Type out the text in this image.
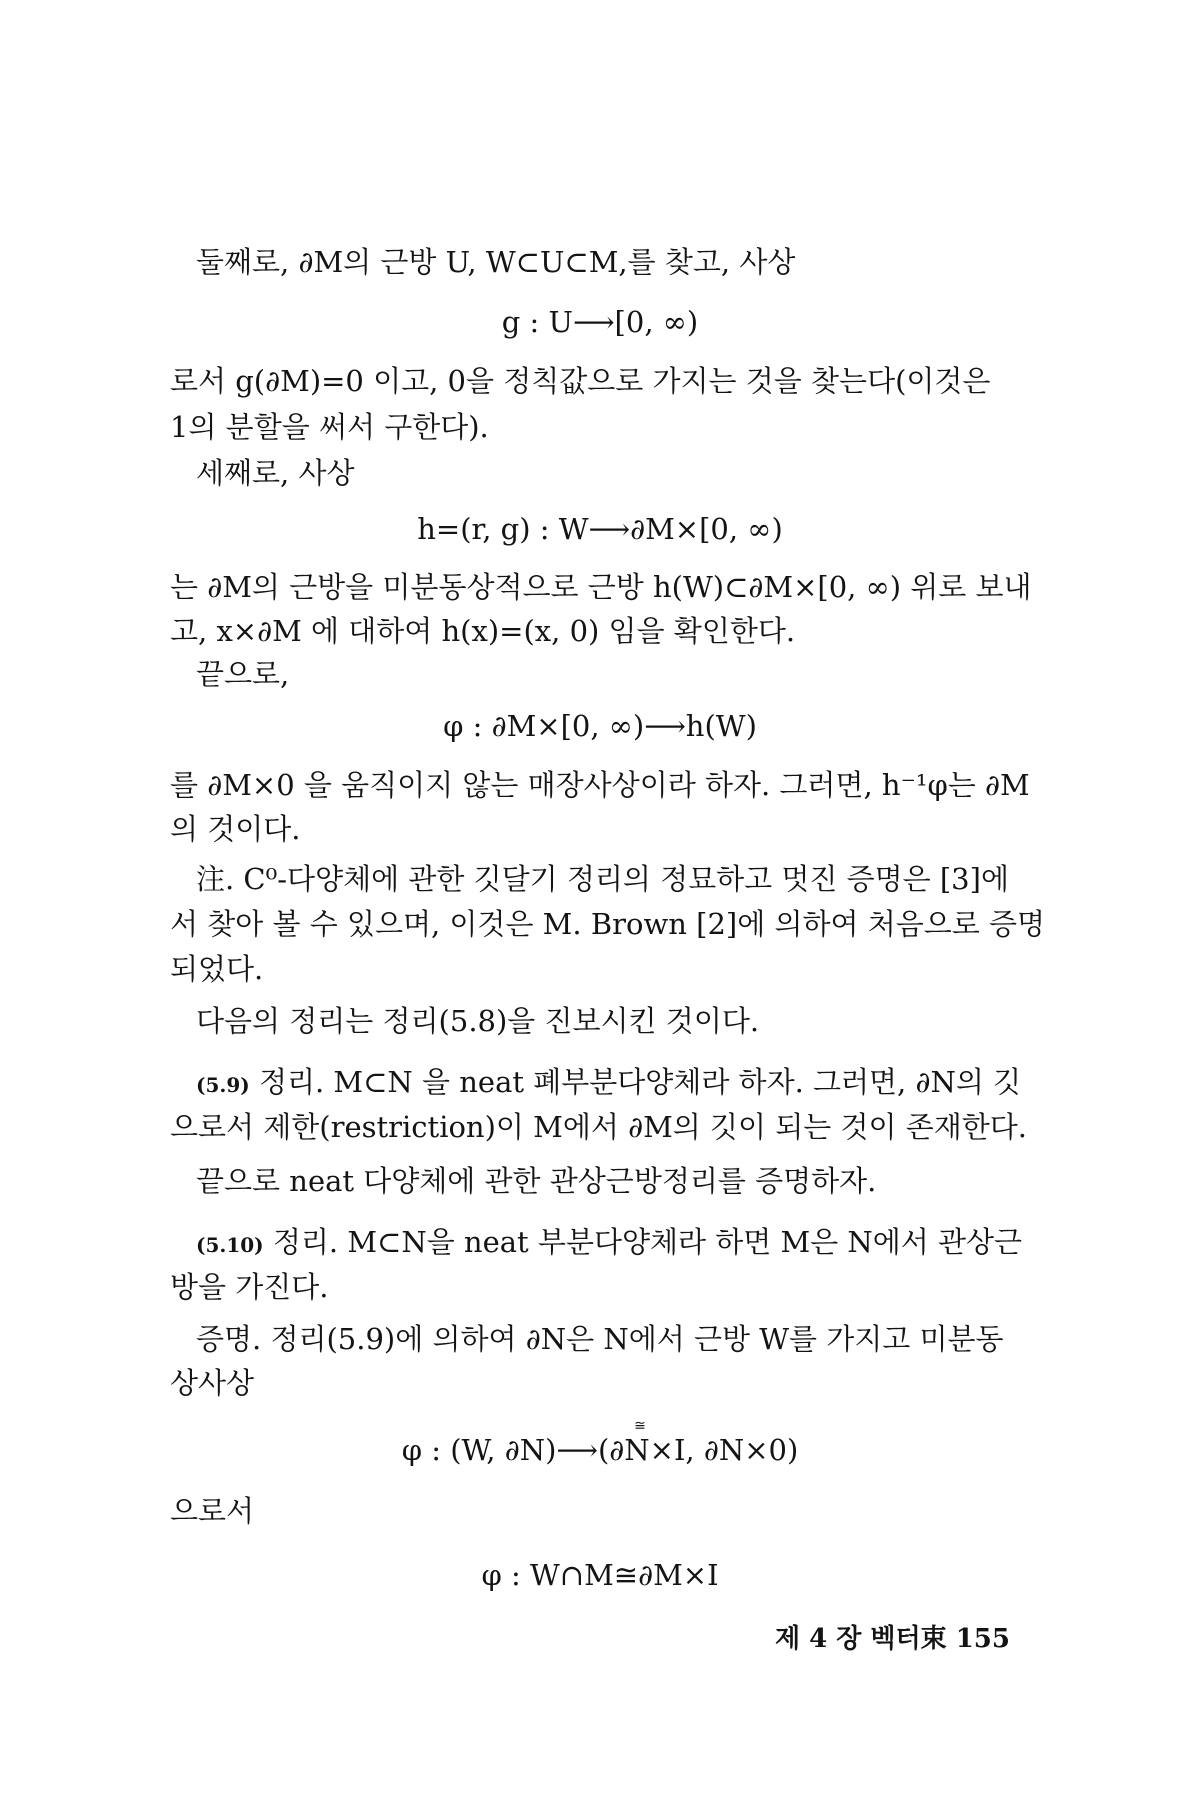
둘째로, ∂M의 근방 U, W⊂U⊂M,를 찾고, 사상
g : U⟶[0, ∞)
로서 g(∂M)=0 이고, 0을 정칙값으로 가지는 것을 찾는다(이것은
1의 분할을 써서 구한다).
세째로, 사상
h=(r, g) : W⟶∂M×[0, ∞)
는 ∂M의 근방을 미분동상적으로 근방 h(W)⊂∂M×[0, ∞) 위로 보내
고, x×∂M 에 대하여 h(x)=(x, 0) 임을 확인한다.
끝으로,
φ : ∂M×[0, ∞)⟶h(W)
를 ∂M×0 을 움직이지 않는 매장사상이라 하자. 그러면, h⁻¹φ는 ∂M
의 것이다.
注. C⁰-다양체에 관한 깃달기 정리의 정묘하고 멋진 증명은 [3]에
서 찾아 볼 수 있으며, 이것은 M. Brown [2]에 의하여 처음으로 증명
되었다.
다음의 정리는 정리(5.8)을 진보시킨 것이다.
(5.9) 정리. M⊂N 을 neat 폐부분다양체라 하자. 그러면, ∂N의 깃
으로서 제한(restriction)이 M에서 ∂M의 깃이 되는 것이 존재한다.
끝으로 neat 다양체에 관한 관상근방정리를 증명하자.
(5.10) 정리. M⊂N을 neat 부분다양체라 하면 M은 N에서 관상근
방을 가진다.
증명. 정리(5.9)에 의하여 ∂N은 N에서 근방 W를 가지고 미분동
상사상
≅
φ : (W, ∂N)⟶(∂N×I, ∂N×0)
으로서
φ : W∩M≅∂M×I
제 4 장 벡터束 155
